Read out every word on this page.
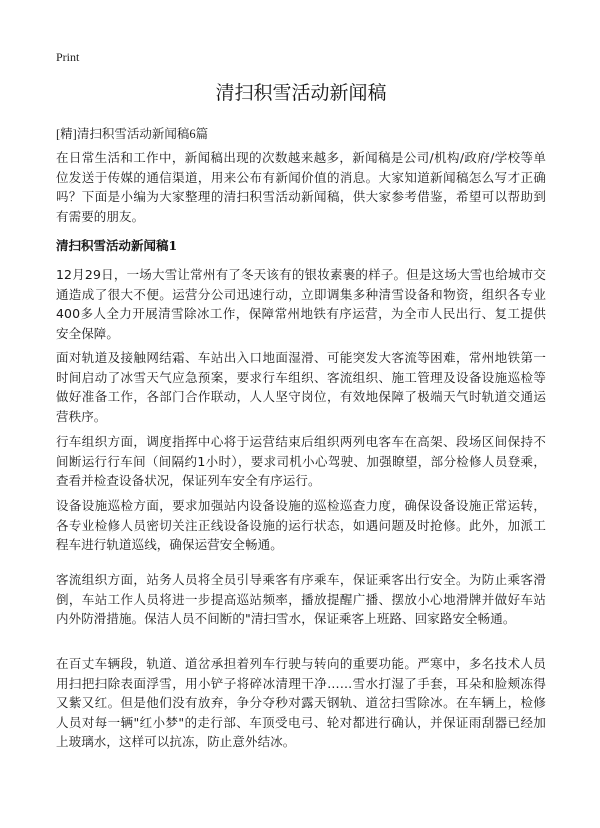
Print
清扫积雪活动新闻稿

[精]清扫积雪活动新闻稿6篇

在日常生活和工作中，新闻稿出现的次数越来越多，新闻稿是公司/机构/政府/学校等单位发送于传媒的通信渠道，用来公布有新闻价值的消息。大家知道新闻稿怎么写才正确吗？下面是小编为大家整理的清扫积雪活动新闻稿，供大家参考借鉴，希望可以帮助到有需要的朋友。

清扫积雪活动新闻稿1

12月29日，一场大雪让常州有了冬天该有的银妆素裹的样子。但是这场大雪也给城市交通造成了很大不便。运营分公司迅速行动，立即调集多种清雪设备和物资，组织各专业400多人全力开展清雪除冰工作，保障常州地铁有序运营，为全市人民出行、复工提供安全保障。

面对轨道及接触网结霜、车站出入口地面湿滑、可能突发大客流等困难，常州地铁第一时间启动了冰雪天气应急预案，要求行车组织、客流组织、施工管理及设备设施巡检等做好准备工作，各部门合作联动，人人坚守岗位，有效地保障了极端天气时轨道交通运营秩序。

行车组织方面，调度指挥中心将于运营结束后组织两列电客车在高架、段场区间保持不间断运行行车间（间隔约1小时），要求司机小心驾驶、加强瞭望，部分检修人员登乘，查看并检查设备状况，保证列车安全有序运行。

设备设施巡检方面，要求加强站内设备设施的巡检巡查力度，确保设备设施正常运转，各专业检修人员密切关注正线设备设施的运行状态，如遇问题及时抢修。此外，加派工程车进行轨道巡线，确保运营安全畅通。

客流组织方面，站务人员将全员引导乘客有序乘车，保证乘客出行安全。为防止乘客滑倒，车站工作人员将进一步提高巡站频率，播放提醒广播、摆放小心地滑牌并做好车站内外防滑措施。保洁人员不间断的"清扫雪水，保证乘客上班路、回家路安全畅通。

在百丈车辆段，轨道、道岔承担着列车行驶与转向的重要功能。严寒中，多名技术人员用扫把扫除表面浮雪，用小铲子将碎冰清理干净……雪水打湿了手套，耳朵和脸颊冻得又紫又红。但是他们没有放弃，争分夺秒对露天钢轨、道岔扫雪除冰。在车辆上，检修人员对每一辆"红小梦"的走行部、车顶受电弓、轮对都进行确认，并保证雨刮器已经加上玻璃水，这样可以抗冻，防止意外结冰。
